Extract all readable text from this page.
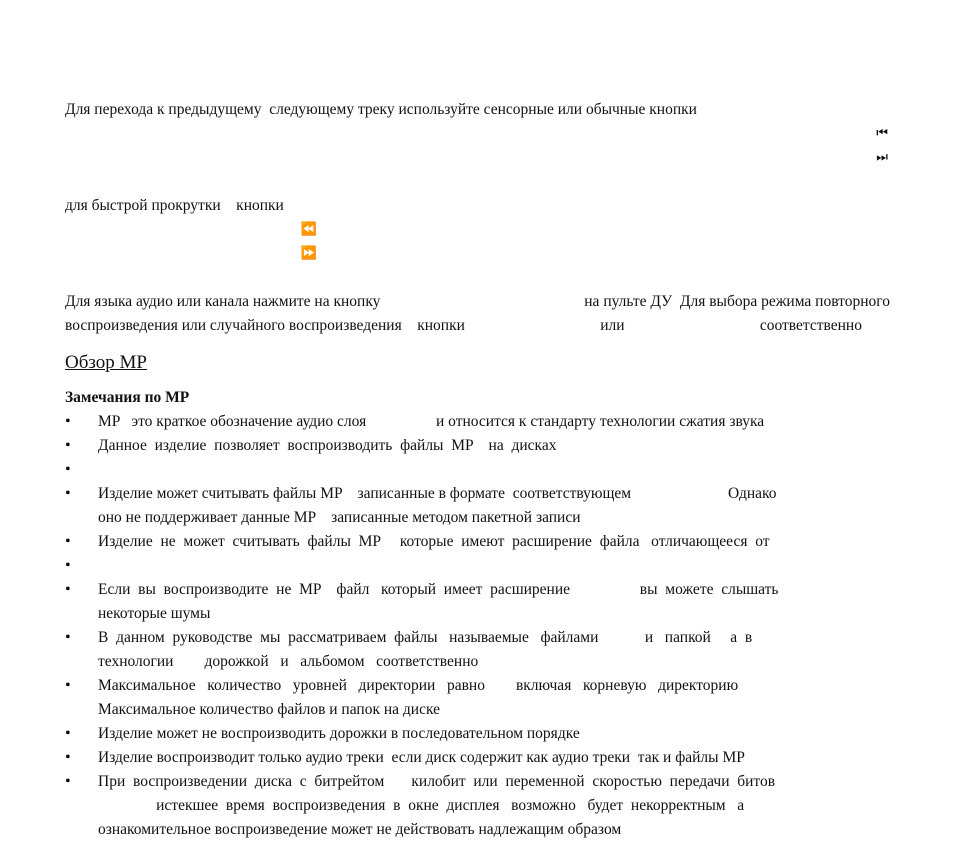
Для перехода к предыдущему  следующему треку используйте сенсорные или обычные кнопки

⏮
⏭

для быстрой прокрутки    кнопки

⏪
⏩

Для языка аудио или канала нажмите на кнопку	на пульте ДУ  Для выбора режима повторного
воспроизведения или случайного воспроизведения    кнопки	или	соответственно
Обзор MP
Замечания по MP
• MP   это краткое обозначение аудио слоя                  и относится к стандарту технологии сжатия звука
• Данное  изделие  позволяет  воспроизводить  файлы  MP    на  дисках
•
• Изделие может считывать файлы MP    записанные в формате  соответствующем                         Однако
оно не поддерживает данные MP    записанные методом пакетной записи
• Изделие  не  может  считывать  файлы  MP     которые  имеют  расширение  файла   отличающееся  от
•
• Если  вы  воспроизводите  не  MP    файл   который  имеет  расширение                  вы  можете  слышать
некоторые шумы
• В  данном  руководстве  мы  рассматриваем  файлы   называемые   файлами            и   папкой     а  в
технологии        дорожкой   и   альбомом   соответственно
• Максимальное   количество   уровней   директории   равно        включая   корневую   директорию
Максимальное количество файлов и папок на диске
• Изделие может не воспроизводить дорожки в последовательном порядке
• Изделие воспроизводит только аудио треки  если диск содержит как аудио треки  так и файлы MP
• При  воспроизведении  диска  с  битрейтом       килобит  или  переменной  скоростью  передачи  битов
истекшее  время  воспроизведения  в  окне  дисплея   возможно   будет  некорректным   а
ознакомительное воспроизведение может не действовать надлежащим образом
